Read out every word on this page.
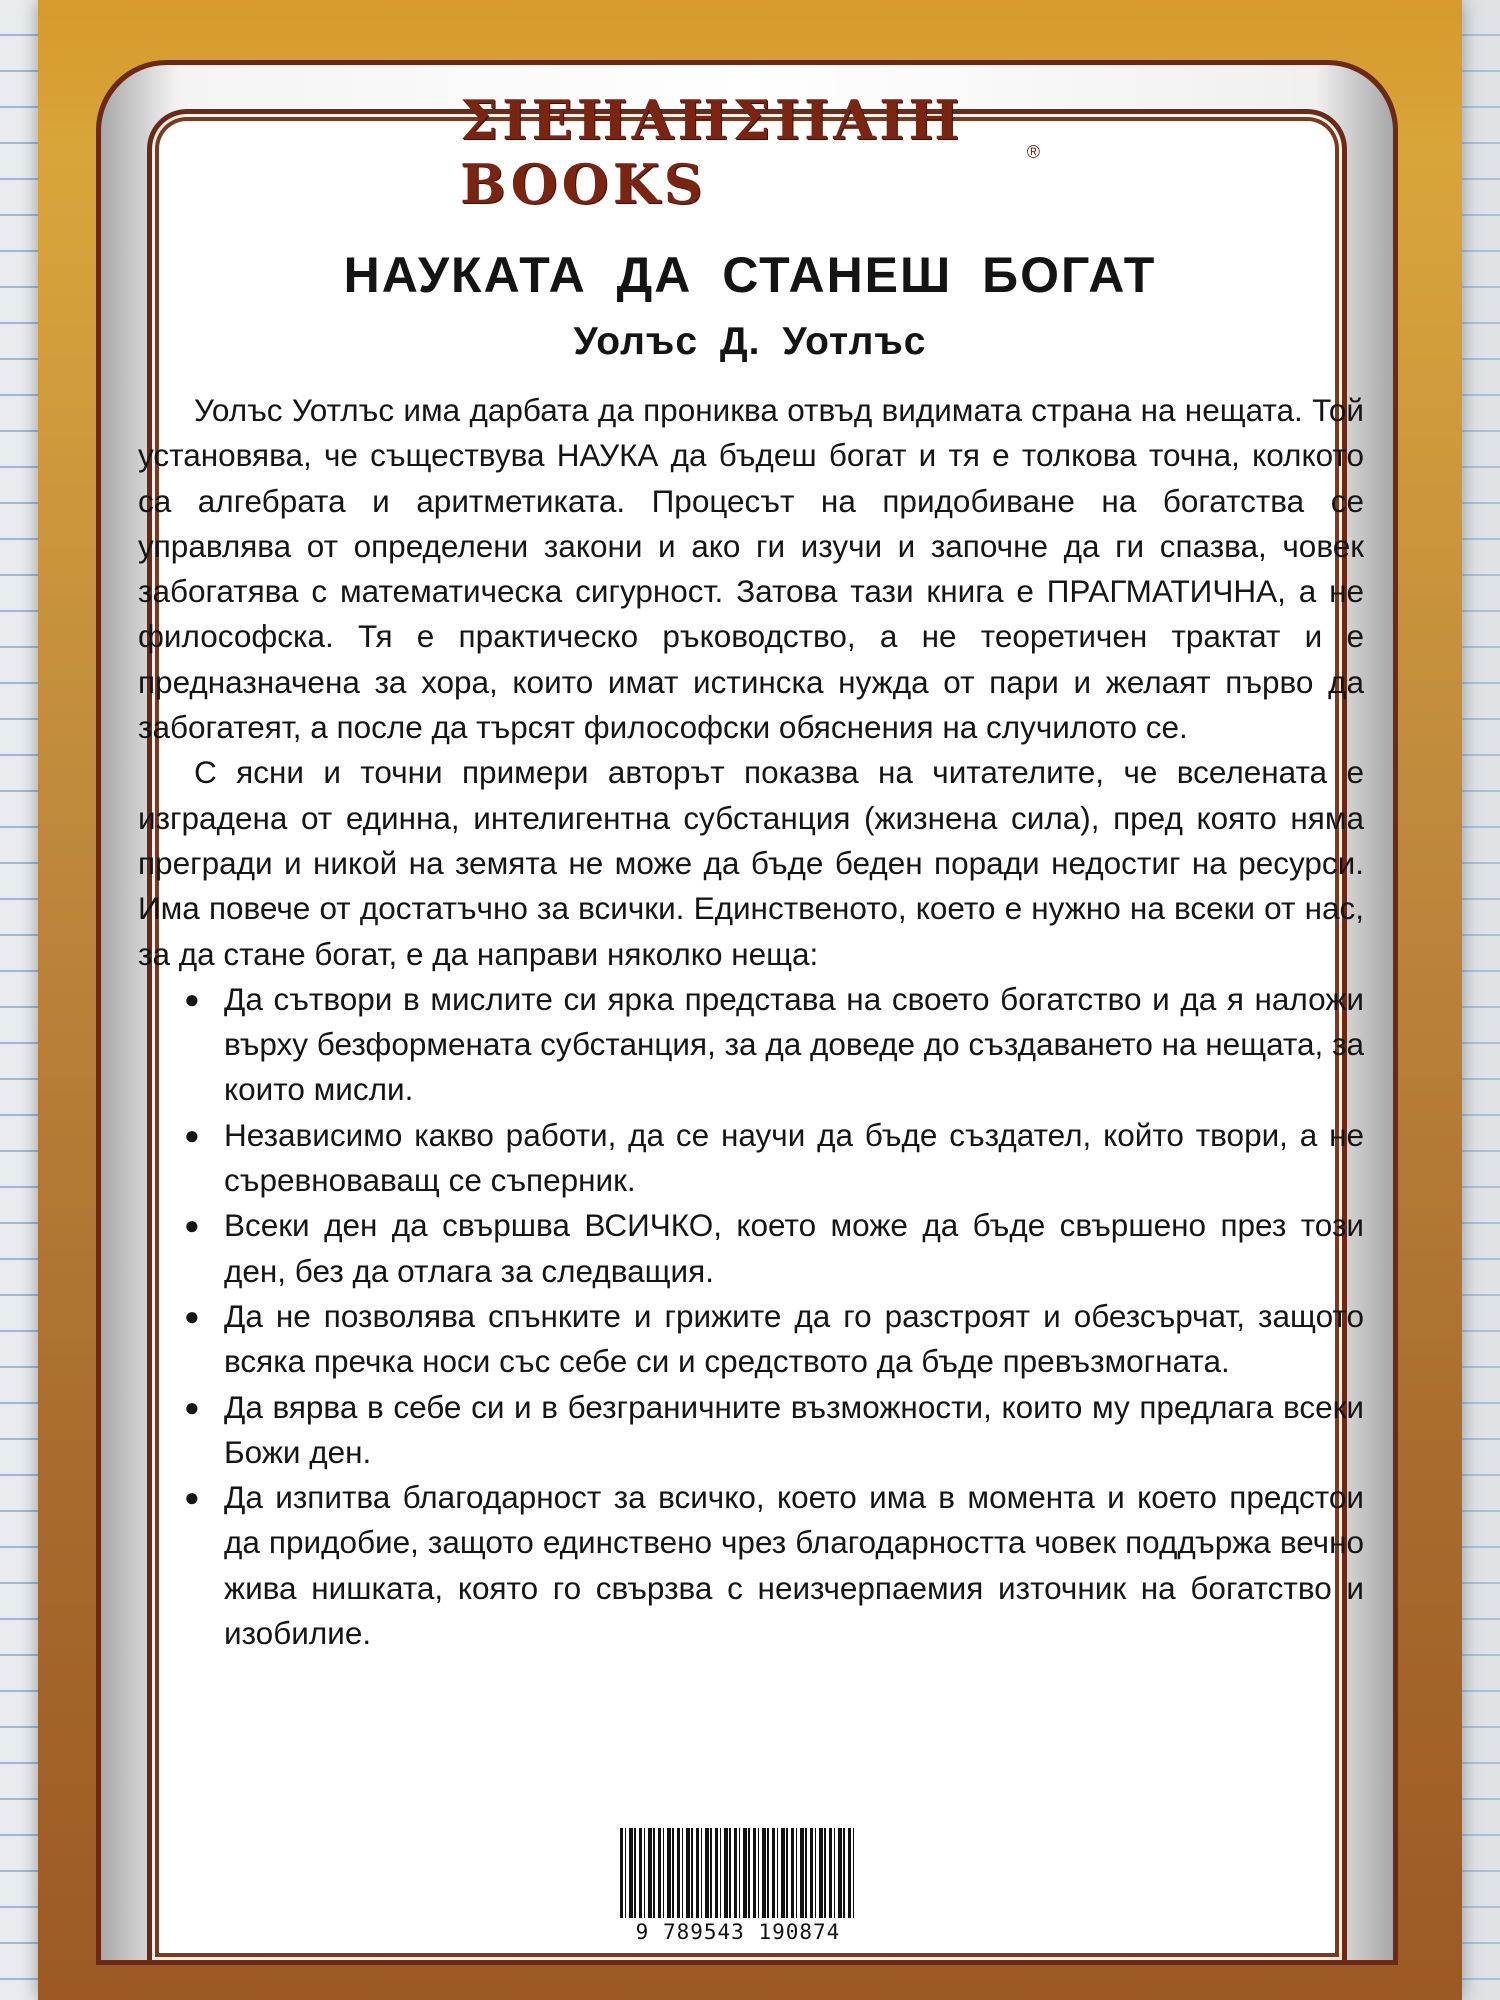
ΣΙΕΗΑΗΣΙΙΑΙΗ BOOKS
®
НАУКАТА ДА СТАНЕШ БОГАТ
Уолъс Д. Уотлъс

Уолъс Уотлъс има дарбата да прониква отвъд видимата страна на нещата. Той установява, че съществува НАУКА да бъдеш богат и тя е толкова точна, колкото са алгебрата и аритметиката. Процесът на придобиване на богатства се управлява от определени закони и ако ги изучи и започне да ги спазва, човек забогатява с математическа сигурност. Затова тази книга е ПРАГМАТИЧНА, а не философска. Тя е практическо ръководство, а не теоретичен трактат и е предназначена за хора, които имат истинска нужда от пари и желаят първо да забогатеят, а после да търсят философски обяснения на случилото се.

С ясни и точни примери авторът показва на читателите, че вселената е изградена от единна, интелигентна субстанция (жизнена сила), пред която няма прегради и никой на земята не може да бъде беден поради недостиг на ресурси. Има повече от достатъчно за всички. Единственото, което е нужно на всеки от нас, за да стане богат, е да направи няколко неща:

● Да сътвори в мислите си ярка представа на своето богатство и да я наложи върху безформената субстанция, за да доведе до създаването на нещата, за които мисли.
● Независимо какво работи, да се научи да бъде създател, който твори, а не съревноваващ се съперник.
● Всеки ден да свършва ВСИЧКО, което може да бъде свършено през този ден, без да отлага за следващия.
● Да не позволява спънките и грижите да го разстроят и обезсърчат, защото всяка пречка носи със себе си и средството да бъде превъзмогната.
● Да вярва в себе си и в безграничните възможности, които му предлага всеки Божи ден.
● Да изпитва благодарност за всичко, което има в момента и което предстои да придобие, защото единствено чрез благодарността човек поддържа вечно жива нишката, която го свързва с неизчерпаемия източник на богатство и изобилие.
9 789543 190874
